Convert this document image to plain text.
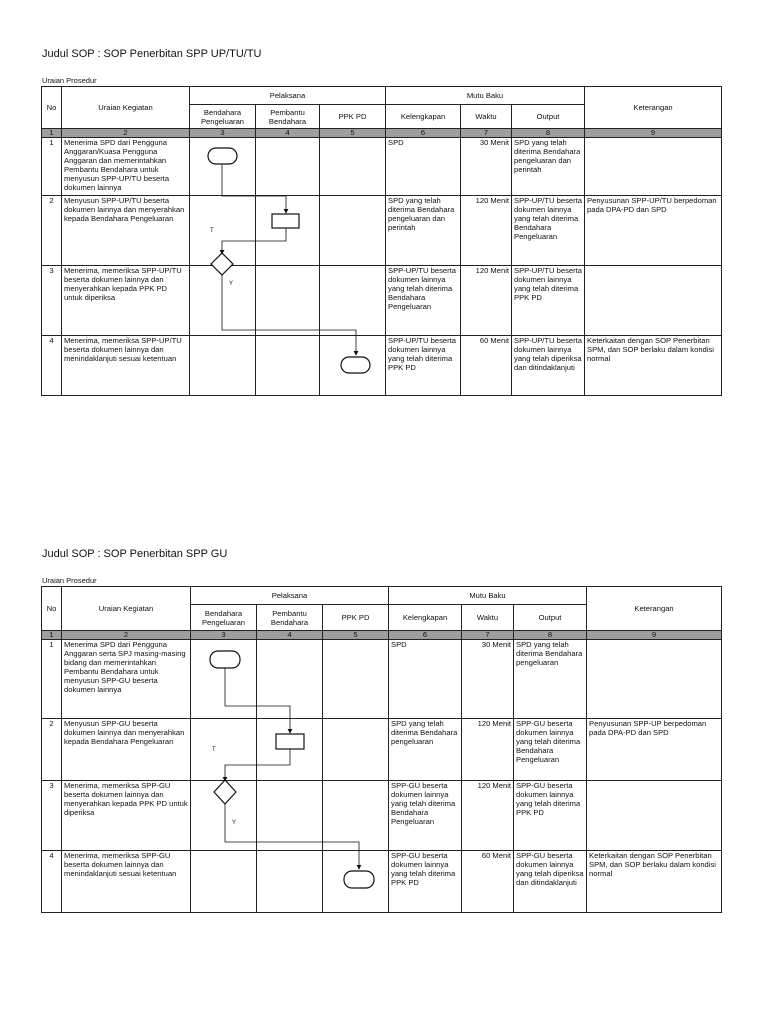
Judul SOP : SOP Penerbitan SPP UP/TU/TU
Uraian Prosedur
No	Uraian Kegiatan	Pelaksana			Mutu Baku			Keterangan
		Bendahara Pengeluaran	Pembantu Bendahara	PPK PD	Kelengkapan	Waktu	Output	
1	2	3	4	5	6	7	8	9
1	Menerima SPD dari Pengguna Anggaran/Kuasa Pengguna Anggaran dan memerintahkan Pembantu Bendahara untuk menyusun SPP-UP/TU beserta dokumen lainnya				SPD	30 Menit	SPD yang telah diterima Bendahara pengeluaran dan perintah	
2	Menyusun SPP-UP/TU beserta dokumen lainnya dan menyerahkan kepada Bendahara Pengeluaran				SPD yang telah diterima Bendahara pengeluaran dan perintah	120 Menit	SPP-UP/TU beserta dokumen lainnya yang telah diterima Bendahara Pengeluaran	Penyusunan SPP-UP/TU berpedoman pada DPA-PD dan SPD
3	Menerima, memeriksa SPP-UP/TU beserta dokumen lainnya dan menyerahkan kepada PPK PD untuk diperiksa				SPP-UP/TU beserta dokumen lainnya yang telah diterima Bendahara Pengeluaran	120 Menit	SPP-UP/TU beserta dokumen lainnya yang telah diterima PPK PD	
4	Menerima, memeriksa SPP-UP/TU beserta dokumen lainnya dan menindaklanjuti sesuai ketentuan				SPP-UP/TU beserta dokumen lainnya yang telah diterima PPK PD	60 Menit	SPP-UP/TU beserta dokumen lainnya yang telah diperiksa dan ditindaklanjuti	Keterkaitan dengan SOP Penerbitan SPM, dan SOP berlaku dalam kondisi normal
T
Y
Judul SOP : SOP Penerbitan SPP GU
Uraian Prosedur
No	Uraian Kegiatan	Pelaksana			Mutu Baku			Keterangan
		Bendahara Pengeluaran	Pembantu Bendahara	PPK PD	Kelengkapan	Waktu	Output	
1	2	3	4	5	6	7	8	9
1	Menerima SPD dari Pengguna Anggaran serta SPJ masing-masing bidang dan memerintahkan Pembantu Bendahara untuk menyusun SPP-GU beserta dokumen lainnya				SPD	30 Menit	SPD yang telah diterima Bendahara pengeluaran	
2	Menyusun SPP-GU beserta dokumen lainnya dan menyerahkan kepada Bendahara Pengeluaran				SPD yang telah diterima Bendahara pengeluaran	120 Menit	SPP-GU beserta dokumen lainnya yang telah diterima Bendahara Pengeluaran	Penyusunan SPP-UP berpedoman pada DPA-PD dan SPD
3	Menerima, memeriksa SPP-GU beserta dokumen lainnya dan menyerahkan kepada PPK PD untuk diperiksa				SPP-GU beserta dokumen lainnya yang telah diterima Bendahara Pengeluaran	120 Menit	SPP-GU beserta dokumen lainnya yang telah diterima PPK PD	
4	Menerima, memeriksa SPP-GU beserta dokumen lainnya dan menindaklanjuti sesuai ketentuan				SPP-GU beserta dokumen lainnya yang telah diterima PPK PD	60 Menit	SPP-GU beserta dokumen lainnya yang telah diperiksa dan ditindaklanjuti	Keterkaitan dengan SOP Penerbitan SPM, dan SOP berlaku dalam kondisi normal
T
Y
